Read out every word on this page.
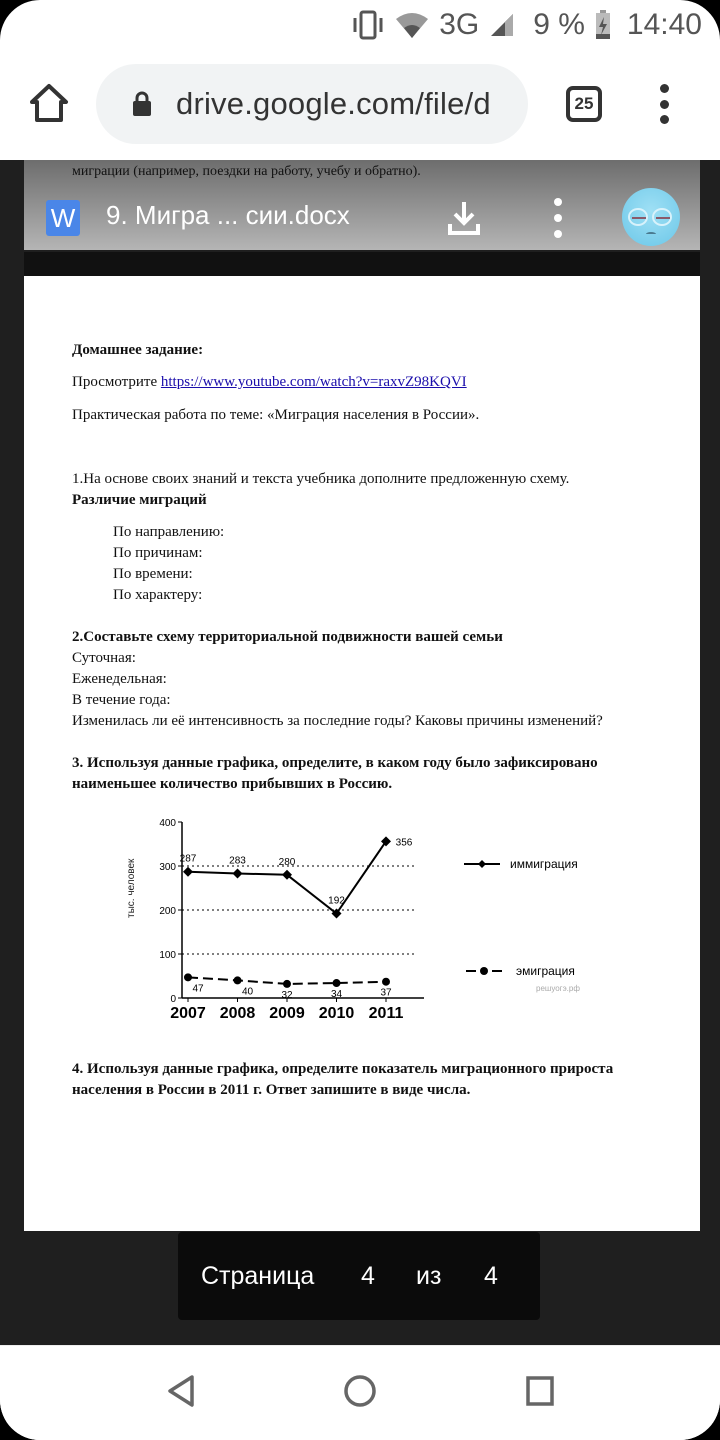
3G 9 % 14:40
drive.google.com/file/d	25
миграции (например, поездки на работу, учебу и обратно).
W 9. Мигра ... сии.docx
Домашнее задание:
Просмотрите https://www.youtube.com/watch?v=raxvZ98KQVI
Практическая работа по теме: «Миграция населения в России».
1.На основе своих знаний и текста учебника дополните предложенную схему.
Различие миграций
По направлению:
По причинам:
По времени:
По характеру:
2.Составьте схему территориальной подвижности вашей семьи
Суточная:
Еженедельная:
В течение года:
Изменилась ли её интенсивность за последние годы? Каковы причины изменений?
3. Используя данные графика, определите, в каком году было зафиксировано
наименьшее количество прибывших в Россию.
тыс. человек
0
100
200
300
400
2007 2008 2009 2010 2011
287	283	280
192
356
47	40	32	34	37
иммиграция
эмиграция
решуогэ.рф
4. Используя данные графика, определите показатель миграционного прироста
населения в России в 2011 г. Ответ запишите в виде числа.
Страница 4 из 4
